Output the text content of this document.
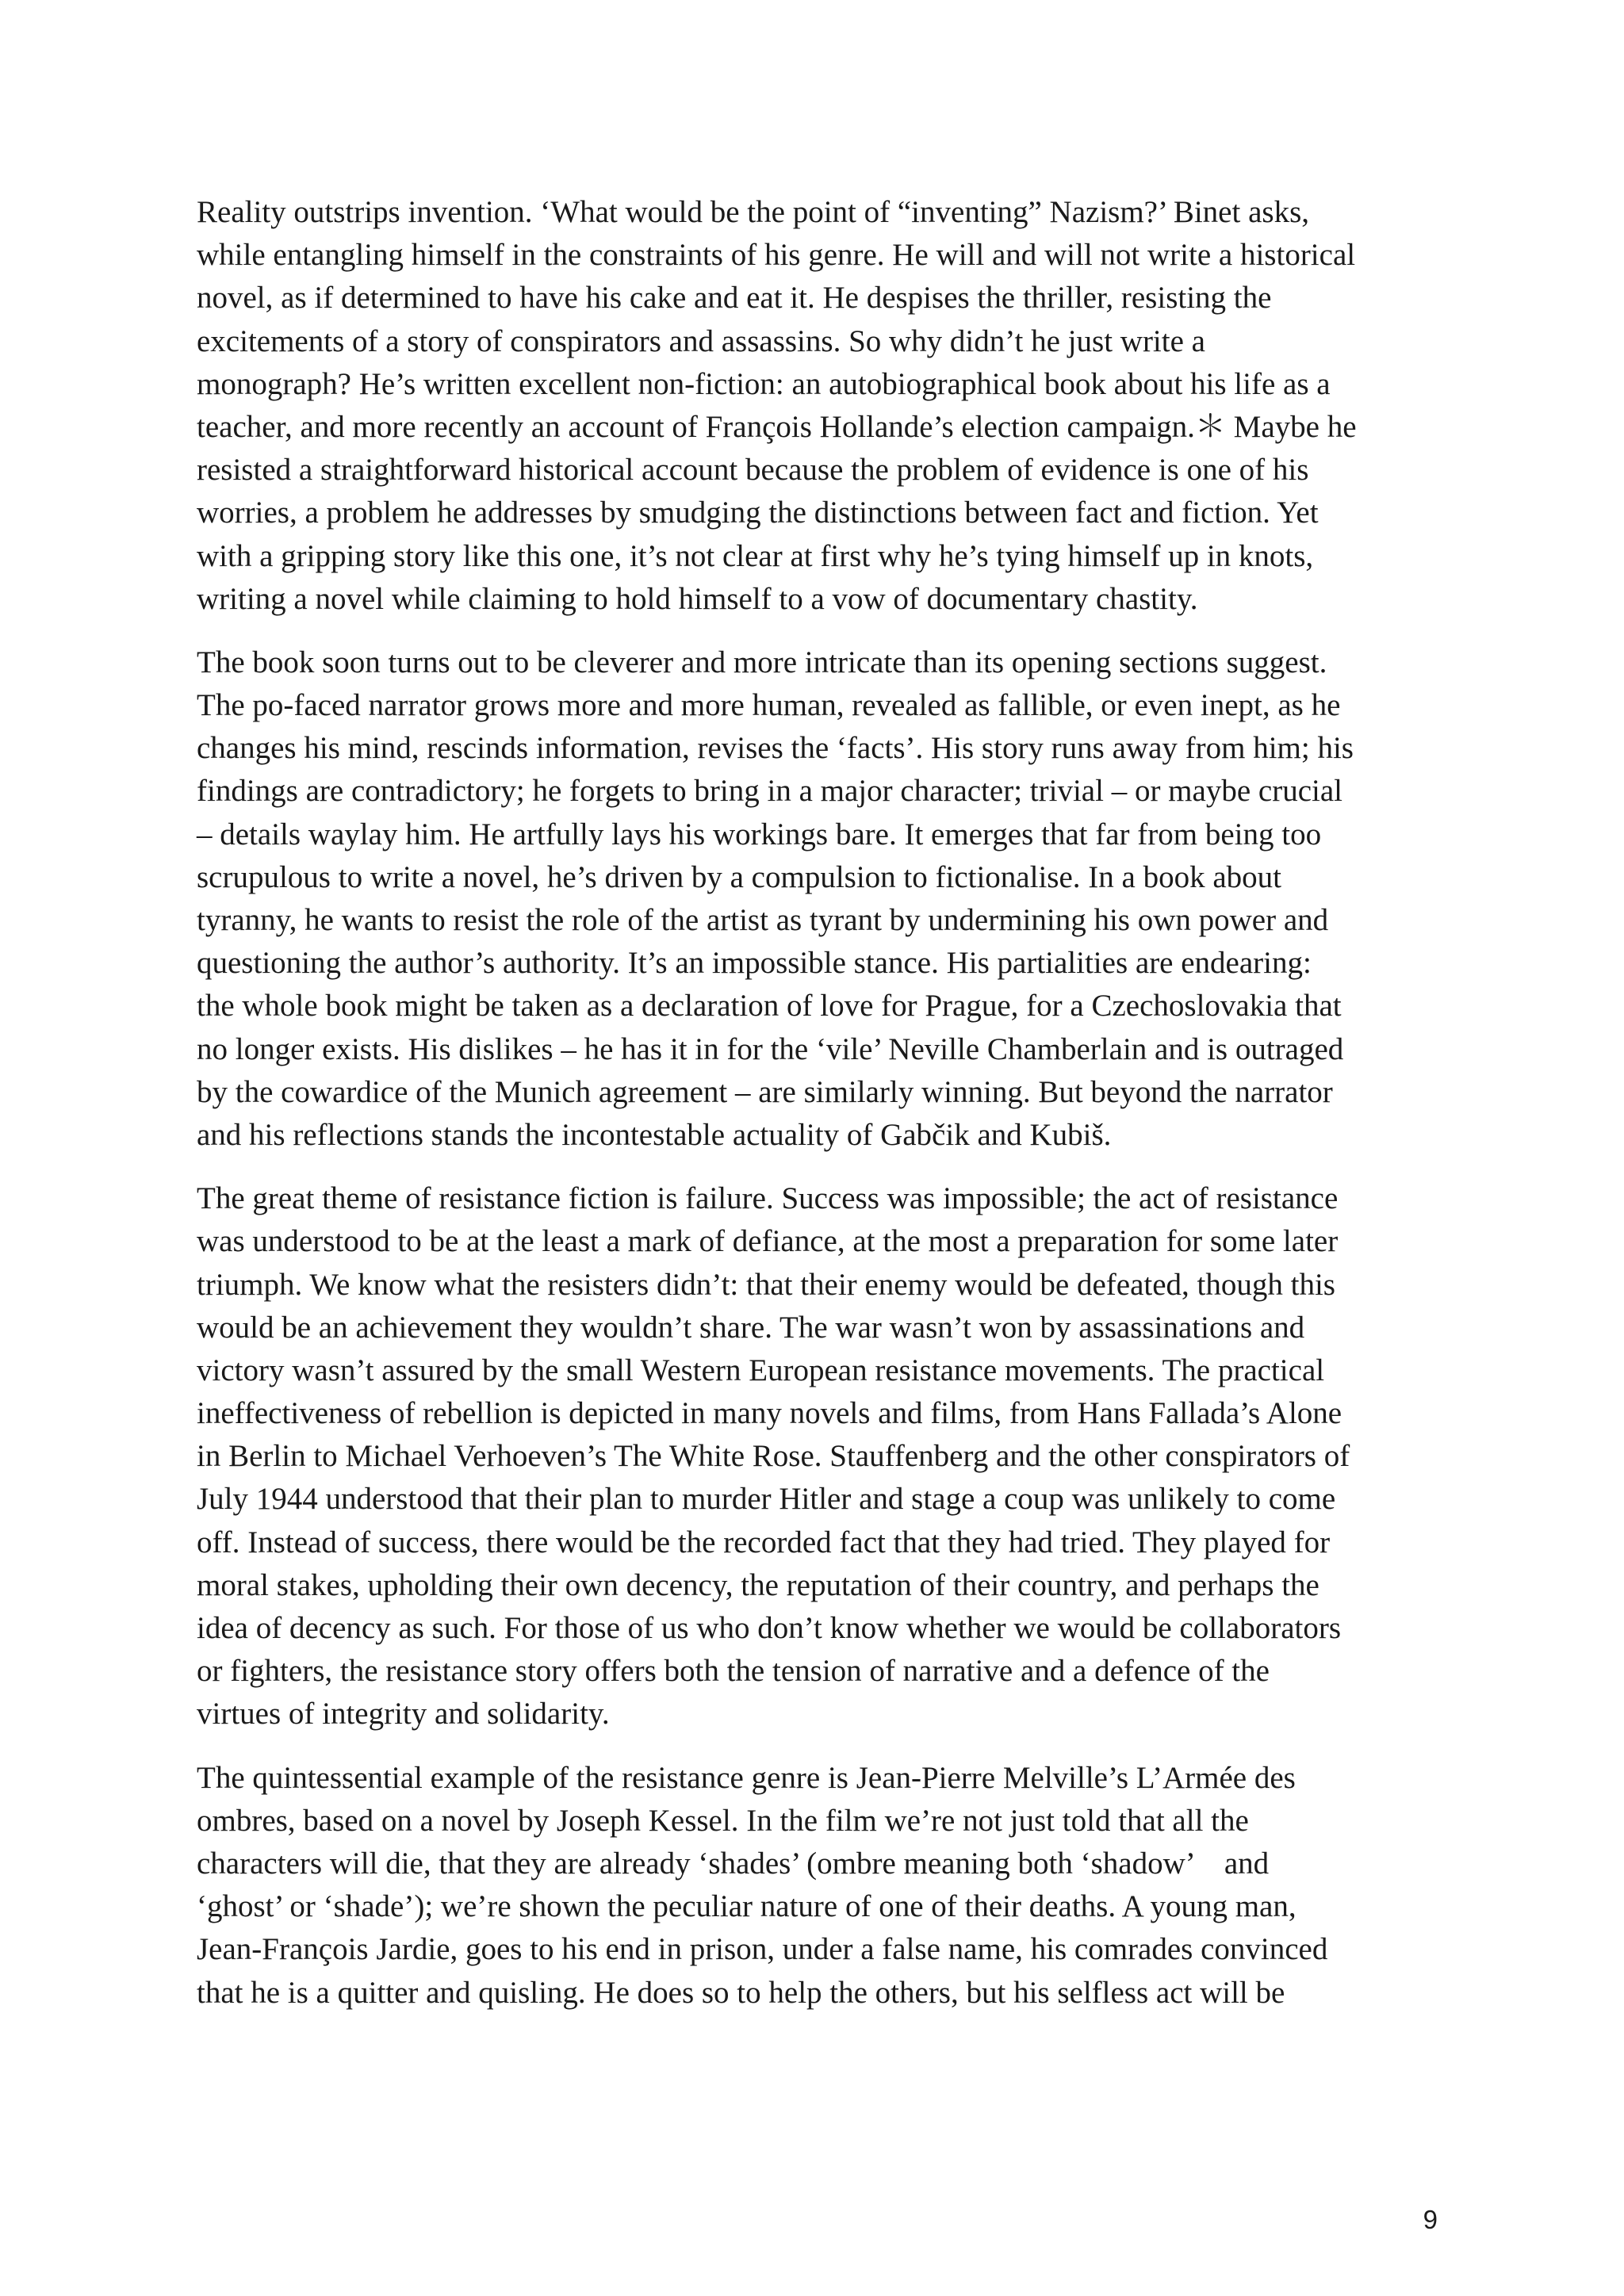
Reality outstrips invention. ‘What would be the point of “inventing” Nazism?’ Binet asks,
while entangling himself in the constraints of his genre. He will and will not write a historical
novel, as if determined to have his cake and eat it. He despises the thriller, resisting the
excitements of a story of conspirators and assassins. So why didn’t he just write a
monograph? He’s written excellent non-fiction: an autobiographical book about his life as a
teacher, and more recently an account of François Hollande’s election campaign.＊ Maybe he
resisted a straightforward historical account because the problem of evidence is one of his
worries, a problem he addresses by smudging the distinctions between fact and fiction. Yet
with a gripping story like this one, it’s not clear at first why he’s tying himself up in knots,
writing a novel while claiming to hold himself to a vow of documentary chastity.

The book soon turns out to be cleverer and more intricate than its opening sections suggest.
The po-faced narrator grows more and more human, revealed as fallible, or even inept, as he
changes his mind, rescinds information, revises the ‘facts’. His story runs away from him; his
findings are contradictory; he forgets to bring in a major character; trivial – or maybe crucial
– details waylay him. He artfully lays his workings bare. It emerges that far from being too
scrupulous to write a novel, he’s driven by a compulsion to fictionalise. In a book about
tyranny, he wants to resist the role of the artist as tyrant by undermining his own power and
questioning the author’s authority. It’s an impossible stance. His partialities are endearing:
the whole book might be taken as a declaration of love for Prague, for a Czechoslovakia that
no longer exists. His dislikes – he has it in for the ‘vile’ Neville Chamberlain and is outraged
by the cowardice of the Munich agreement – are similarly winning. But beyond the narrator
and his reflections stands the incontestable actuality of Gabčik and Kubiš.

The great theme of resistance fiction is failure. Success was impossible; the act of resistance
was understood to be at the least a mark of defiance, at the most a preparation for some later
triumph. We know what the resisters didn’t: that their enemy would be defeated, though this
would be an achievement they wouldn’t share. The war wasn’t won by assassinations and
victory wasn’t assured by the small Western European resistance movements. The practical
ineffectiveness of rebellion is depicted in many novels and films, from Hans Fallada’s Alone
in Berlin to Michael Verhoeven’s The White Rose. Stauffenberg and the other conspirators of
July 1944 understood that their plan to murder Hitler and stage a coup was unlikely to come
off. Instead of success, there would be the recorded fact that they had tried. They played for
moral stakes, upholding their own decency, the reputation of their country, and perhaps the
idea of decency as such. For those of us who don’t know whether we would be collaborators
or fighters, the resistance story offers both the tension of narrative and a defence of the
virtues of integrity and solidarity.

The quintessential example of the resistance genre is Jean-Pierre Melville’s L’Armée des
ombres, based on a novel by Joseph Kessel. In the film we’re not just told that all the
characters will die, that they are already ‘shades’ (ombre meaning both ‘shadow’　and
‘ghost’ or ‘shade’); we’re shown the peculiar nature of one of their deaths. A young man,
Jean-François Jardie, goes to his end in prison, under a false name, his comrades convinced
that he is a quitter and quisling. He does so to help the others, but his selfless act will be

9
